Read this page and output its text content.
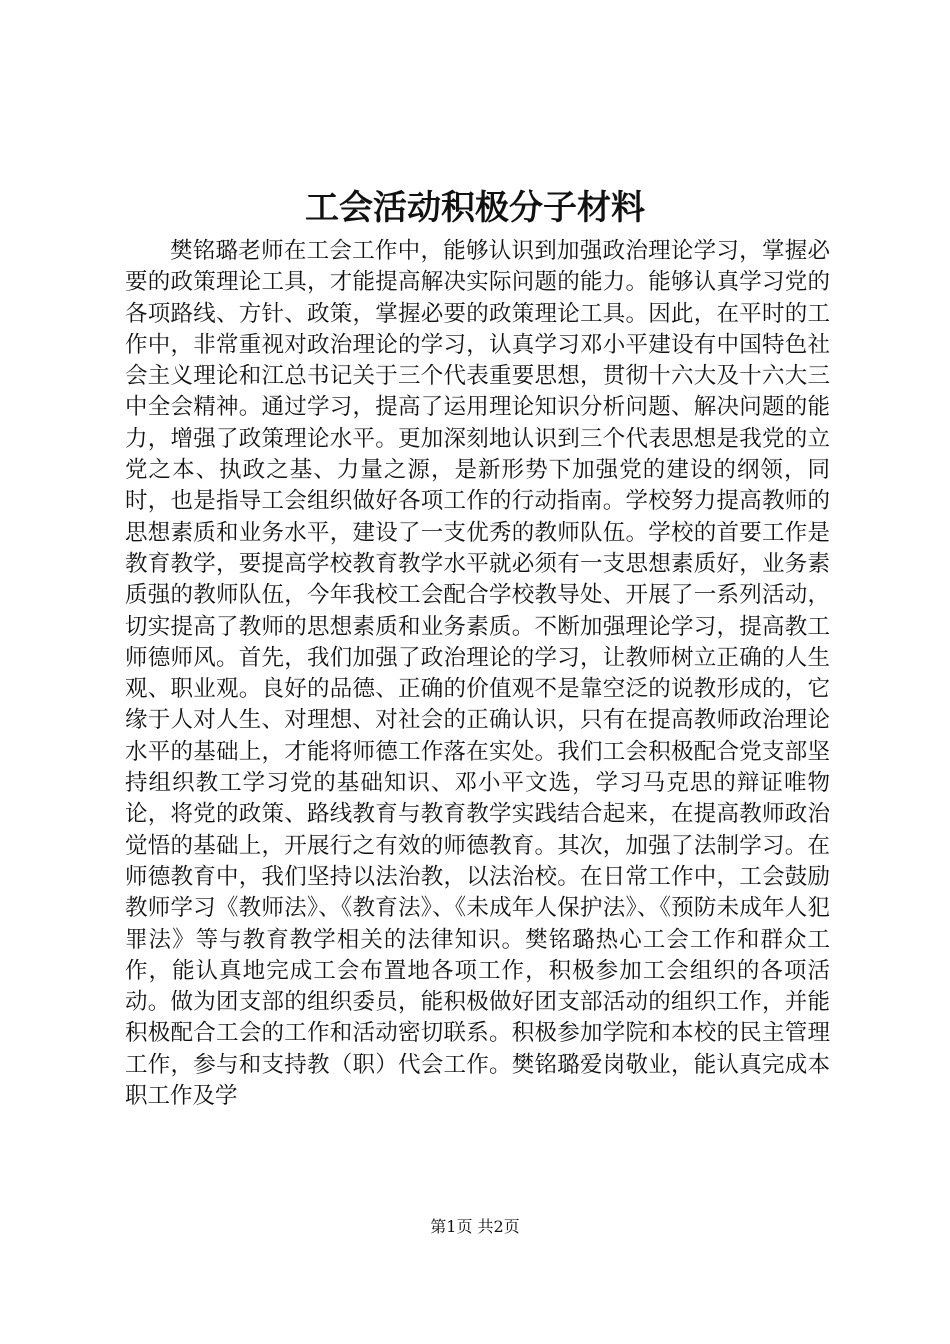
工会活动积极分子材料

樊铭璐老师在工会工作中，能够认识到加强政治理论学习，掌握必要的政策理论工具，才能提高解决实际问题的能力。能够认真学习党的各项路线、方针、政策，掌握必要的政策理论工具。因此，在平时的工作中，非常重视对政治理论的学习，认真学习邓小平建设有中国特色社会主义理论和江总书记关于三个代表重要思想，贯彻十六大及十六大三中全会精神。通过学习，提高了运用理论知识分析问题、解决问题的能力，增强了政策理论水平。更加深刻地认识到三个代表思想是我党的立党之本、执政之基、力量之源，是新形势下加强党的建设的纲领，同时，也是指导工会组织做好各项工作的行动指南。学校努力提高教师的思想素质和业务水平，建设了一支优秀的教师队伍。学校的首要工作是教育教学，要提高学校教育教学水平就必须有一支思想素质好，业务素质强的教师队伍，今年我校工会配合学校教导处、开展了一系列活动，切实提高了教师的思想素质和业务素质。不断加强理论学习，提高教工师德师风。首先，我们加强了政治理论的学习，让教师树立正确的人生观、职业观。良好的品德、正确的价值观不是靠空泛的说教形成的，它缘于人对人生、对理想、对社会的正确认识，只有在提高教师政治理论水平的基础上，才能将师德工作落在实处。我们工会积极配合党支部坚持组织教工学习党的基础知识、邓小平文选，学习马克思的辩证唯物论，将党的政策、路线教育与教育教学实践结合起来，在提高教师政治觉悟的基础上，开展行之有效的师德教育。其次，加强了法制学习。在师德教育中，我们坚持以法治教，以法治校。在日常工作中，工会鼓励教师学习《教师法》、《教育法》、《未成年人保护法》、《预防未成年人犯罪法》等与教育教学相关的法律知识。樊铭璐热心工会工作和群众工作，能认真地完成工会布置地各项工作，积极参加工会组织的各项活动。做为团支部的组织委员，能积极做好团支部活动的组织工作，并能积极配合工会的工作和活动密切联系。积极参加学院和本校的民主管理工作，参与和支持教（职）代会工作。樊铭璐爱岗敬业，能认真完成本职工作及学

第1页 共2页
